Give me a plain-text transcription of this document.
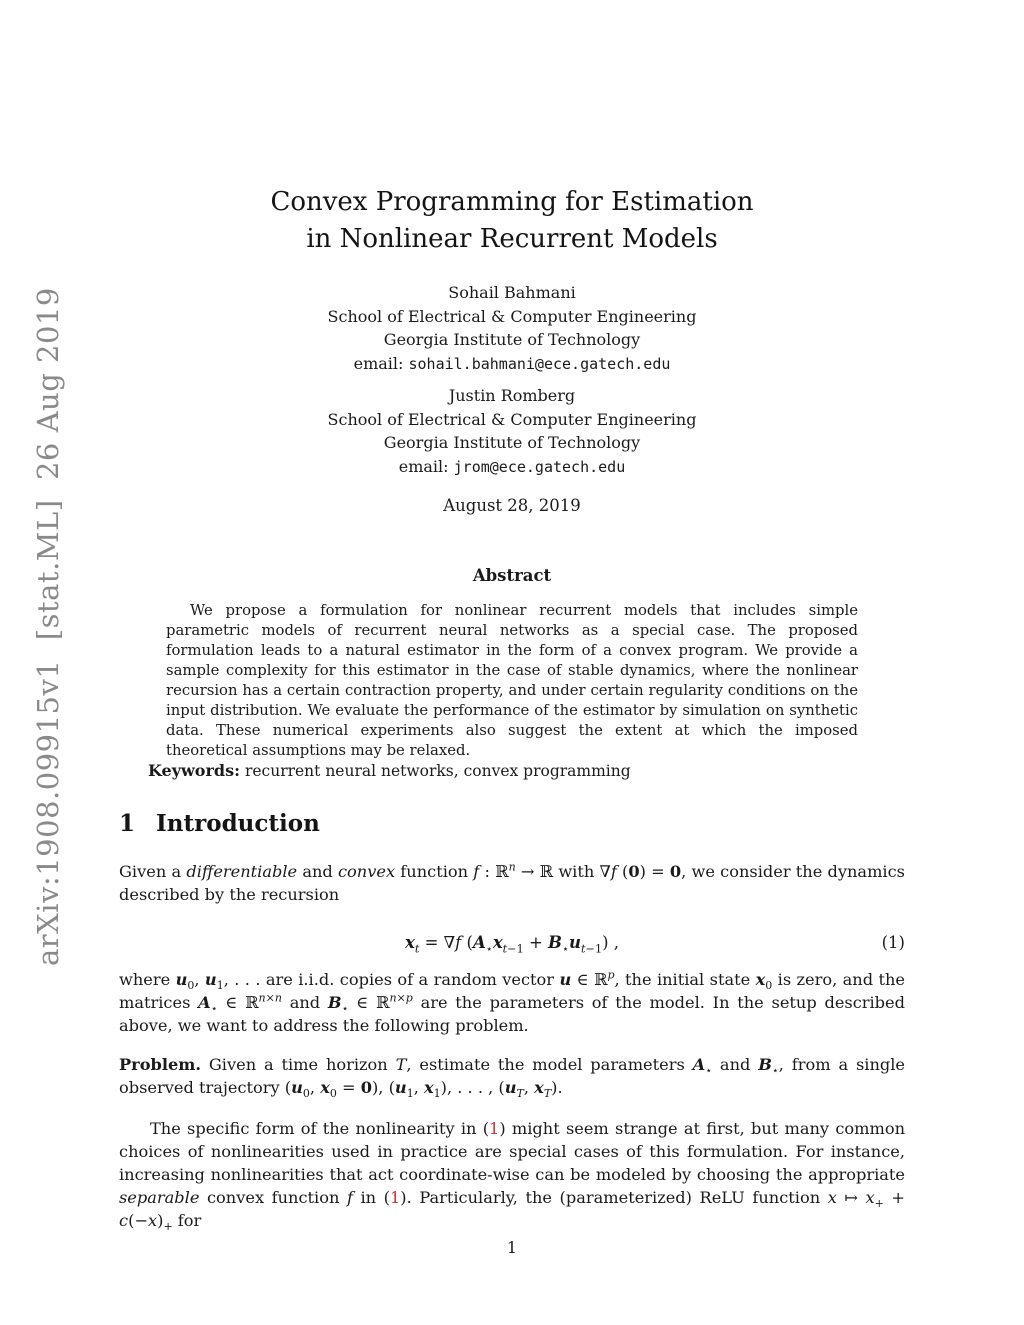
arXiv:1908.09915v1  [stat.ML]  26 Aug 2019
Convex Programming for Estimation
in Nonlinear Recurrent Models
Sohail Bahmani
School of Electrical & Computer Engineering
Georgia Institute of Technology
email: sohail.bahmani@ece.gatech.edu
Justin Romberg
School of Electrical & Computer Engineering
Georgia Institute of Technology
email: jrom@ece.gatech.edu
August 28, 2019
Abstract
We propose a formulation for nonlinear recurrent models that includes simple parametric models of recurrent neural networks as a special case. The proposed formulation leads to a natural estimator in the form of a convex program. We provide a sample complexity for this estimator in the case of stable dynamics, where the nonlinear recursion has a certain contraction property, and under certain regularity conditions on the input distribution. We evaluate the performance of the estimator by simulation on synthetic data. These numerical experiments also suggest the extent at which the imposed theoretical assumptions may be relaxed.
Keywords: recurrent neural networks, convex programming
1 Introduction
Given a differentiable and convex function f : ℝ$^n$ → ℝ with ∇f (0) = 0, we consider the dynamics described by the recursion
$x_t = \nabla f$ $(A_⋆x_{t-1} + B_⋆u_{t-1})$ ,	(1)
where $u_0$, $u_1$, . . . are i.i.d. copies of a random vector u ∈ ℝ$^p$, the initial state $x_0$ is zero, and the matrices $A_⋆$ ∈ ℝ$^{n\times n}$ and $B_⋆$ ∈ ℝ$^{n\times p}$ are the parameters of the model. In the setup described above, we want to address the following problem.
Problem. Given a time horizon T, estimate the model parameters $A_⋆$ and $B_⋆$, from a single observed trajectory ($u_0$, $x_0 = 0$), ($u_1$, $x_1$), . . . , ($u_T$, $x_T$).
The specific form of the nonlinearity in (1) might seem strange at first, but many common choices of nonlinearities used in practice are special cases of this formulation. For instance, increasing nonlinearities that act coordinate-wise can be modeled by choosing the appropriate separable convex function f in (1). Particularly, the (parameterized) ReLU function x ↦ $x_+ + c(-x)_+$ for
1
